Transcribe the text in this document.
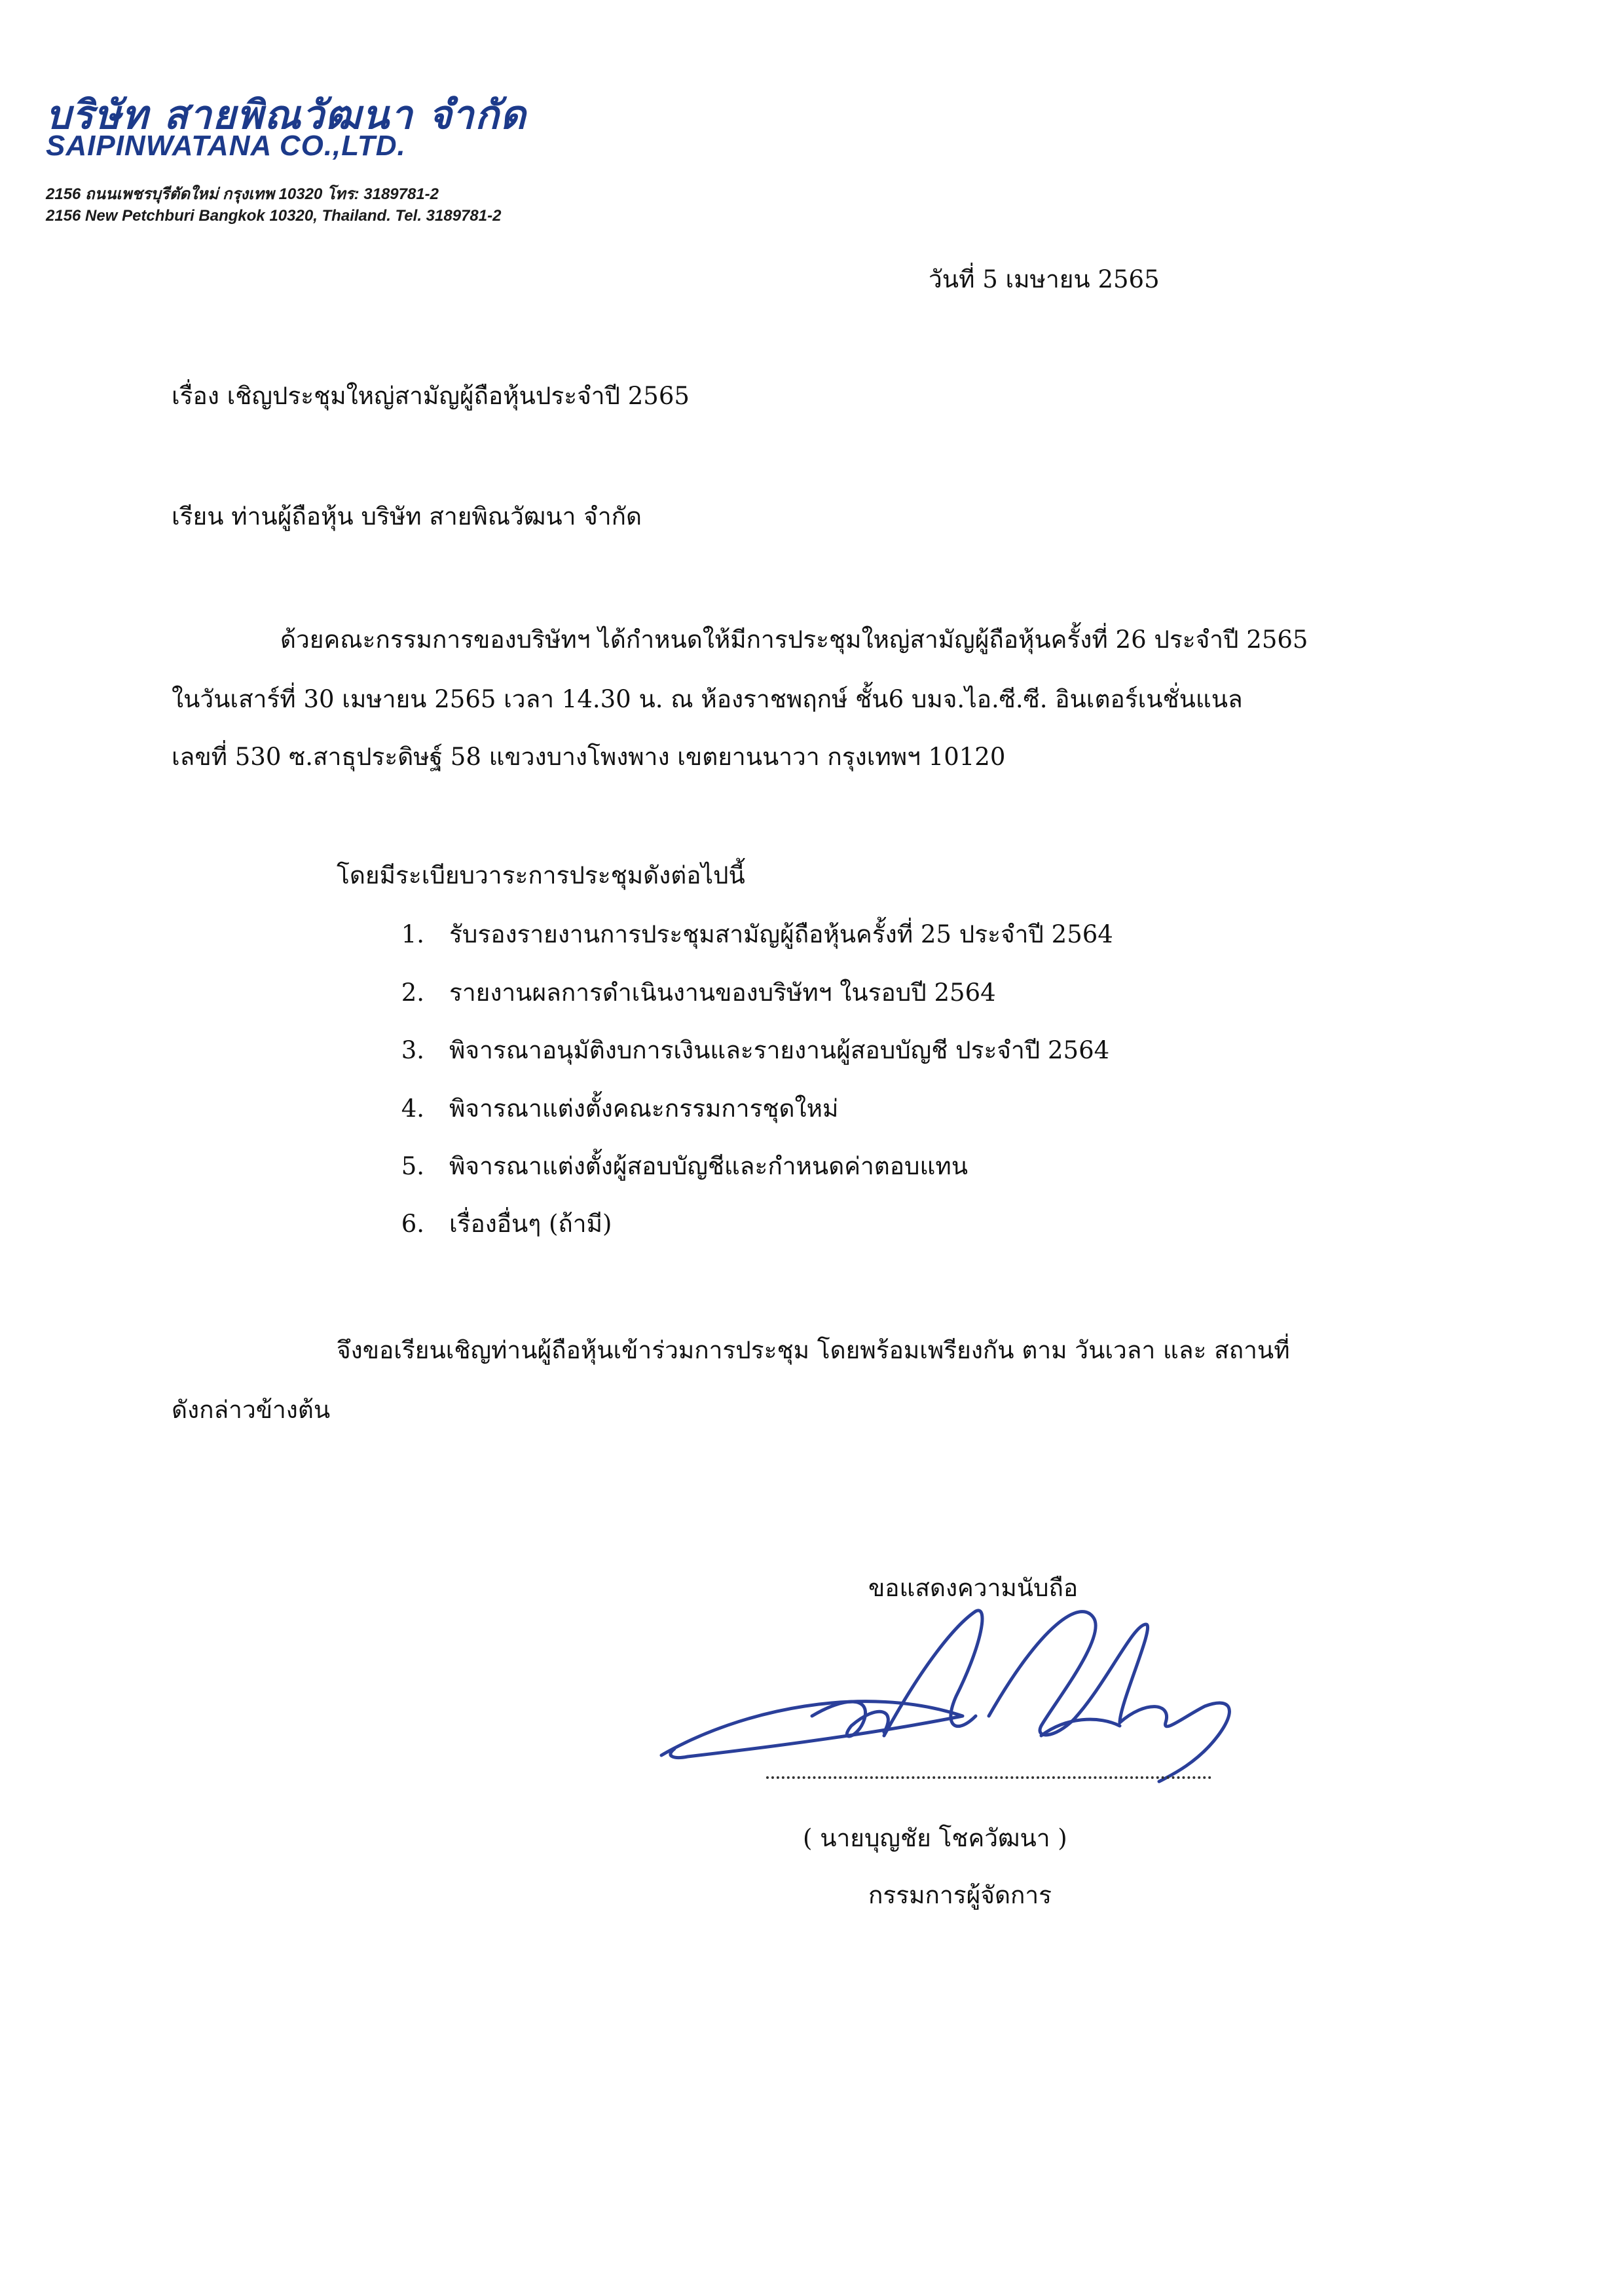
บริษัท สายพิณวัฒนา จำกัด
SAIPINWATANA CO.,LTD.
2156 ถนนเพชรบุรีตัดใหม่ กรุงเทพ 10320 โทร: 3189781-2
2156 New Petchburi Bangkok 10320, Thailand. Tel. 3189781-2
วันที่ 5 เมษายน 2565
เรื่อง เชิญประชุมใหญ่สามัญผู้ถือหุ้นประจำปี 2565
เรียน ท่านผู้ถือหุ้น บริษัท สายพิณวัฒนา จำกัด
ด้วยคณะกรรมการของบริษัทฯ ได้กำหนดให้มีการประชุมใหญ่สามัญผู้ถือหุ้นครั้งที่ 26 ประจำปี 2565
ในวันเสาร์ที่ 30 เมษายน 2565 เวลา 14.30 น. ณ ห้องราชพฤกษ์ ชั้น6 บมจ.ไอ.ซี.ซี. อินเตอร์เนชั่นแนล
เลขที่ 530 ซ.สาธุประดิษฐ์ 58 แขวงบางโพงพาง เขตยานนาวา กรุงเทพฯ 10120
โดยมีระเบียบวาระการประชุมดังต่อไปนี้
1. รับรองรายงานการประชุมสามัญผู้ถือหุ้นครั้งที่ 25 ประจำปี 2564
2. รายงานผลการดำเนินงานของบริษัทฯ ในรอบปี 2564
3. พิจารณาอนุมัติงบการเงินและรายงานผู้สอบบัญชี ประจำปี 2564
4. พิจารณาแต่งตั้งคณะกรรมการชุดใหม่
5. พิจารณาแต่งตั้งผู้สอบบัญชีและกำหนดค่าตอบแทน
6. เรื่องอื่นๆ (ถ้ามี)
จึงขอเรียนเชิญท่านผู้ถือหุ้นเข้าร่วมการประชุม โดยพร้อมเพรียงกัน ตาม วันเวลา และ สถานที่
ดังกล่าวข้างต้น
ขอแสดงความนับถือ
( นายบุญชัย โชควัฒนา )
กรรมการผู้จัดการ
